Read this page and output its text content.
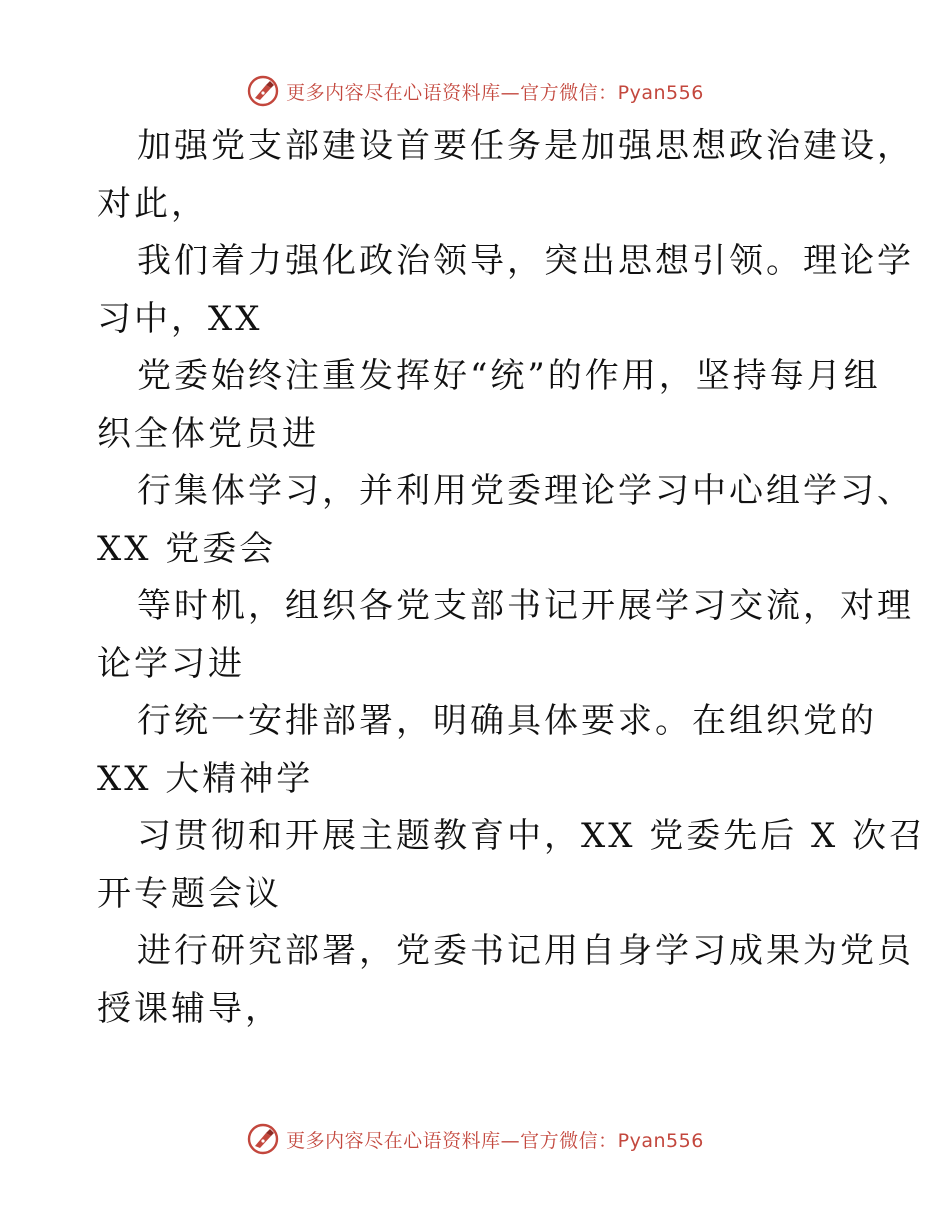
更多内容尽在心语资料库—官方微信：Pyan556

加强党支部建设首要任务是加强思想政治建设，
对此，

我们着力强化政治领导，突出思想引领。理论学
习中，XX

党委始终注重发挥好“统”的作用，坚持每月组
织全体党员进

行集体学习，并利用党委理论学习中心组学习、
XX 党委会

等时机，组织各党支部书记开展学习交流，对理
论学习进

行统一安排部署，明确具体要求。在组织党的
XX 大精神学

习贯彻和开展主题教育中，XX 党委先后 X 次召
开专题会议

进行研究部署，党委书记用自身学习成果为党员
授课辅导，

更多内容尽在心语资料库—官方微信：Pyan556
